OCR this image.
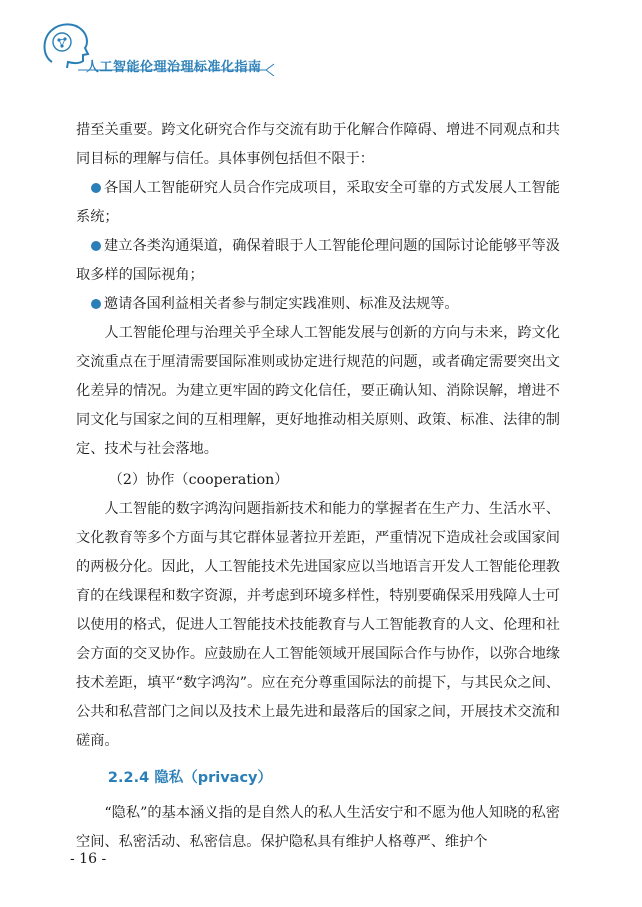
人工智能伦理治理标准化指南

措至关重要。跨文化研究合作与交流有助于化解合作障碍、增进不同观点和共同目标的理解与信任。具体事例包括但不限于：

各国人工智能研究人员合作完成项目，采取安全可靠的方式发展人工智能系统；

建立各类沟通渠道，确保着眼于人工智能伦理问题的国际讨论能够平等汲取多样的国际视角；

邀请各国利益相关者参与制定实践准则、标准及法规等。

人工智能伦理与治理关乎全球人工智能发展与创新的方向与未来，跨文化交流重点在于厘清需要国际准则或协定进行规范的问题，或者确定需要突出文化差异的情况。为建立更牢固的跨文化信任，要正确认知、消除误解，增进不同文化与国家之间的互相理解，更好地推动相关原则、政策、标准、法律的制定、技术与社会落地。

（2）协作（cooperation）

人工智能的数字鸿沟问题指新技术和能力的掌握者在生产力、生活水平、文化教育等多个方面与其它群体显著拉开差距，严重情况下造成社会或国家间的两极分化。因此，人工智能技术先进国家应以当地语言开发人工智能伦理教育的在线课程和数字资源，并考虑到环境多样性，特别要确保采用残障人士可以使用的格式，促进人工智能技术技能教育与人工智能教育的人文、伦理和社会方面的交叉协作。应鼓励在人工智能领域开展国际合作与协作，以弥合地缘技术差距，填平“数字鸿沟”。应在充分尊重国际法的前提下，与其民众之间、公共和私营部门之间以及技术上最先进和最落后的国家之间，开展技术交流和磋商。

2.2.4 隐私（privacy）

“隐私”的基本涵义指的是自然人的私人生活安宁和不愿为他人知晓的私密空间、私密活动、私密信息。保护隐私具有维护人格尊严、维护个

- 16 -
